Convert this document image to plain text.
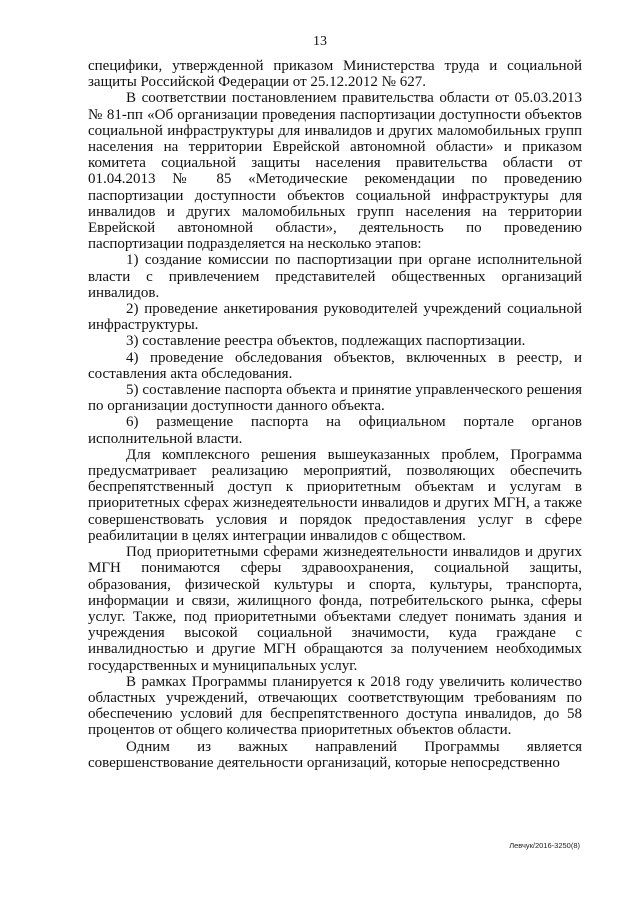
13

специфики, утвержденной приказом Министерства труда и социальной защиты Российской Федерации от 25.12.2012 № 627.

В соответствии постановлением правительства области от 05.03.2013 № 81-пп «Об организации проведения паспортизации доступности объектов социальной инфраструктуры для инвалидов и других маломобильных групп населения на территории Еврейской автономной области» и приказом комитета социальной защиты населения правительства области от 01.04.2013 № 85 «Методические рекомендации по проведению паспортизации доступности объектов социальной инфраструктуры для инвалидов и других маломобильных групп населения на территории Еврейской автономной области», деятельность по проведению паспортизации подразделяется на несколько этапов:

1) создание комиссии по паспортизации при органе исполнительной власти с привлечением представителей общественных организаций инвалидов.

2) проведение анкетирования руководителей учреждений социальной инфраструктуры.

3) составление реестра объектов, подлежащих паспортизации.

4) проведение обследования объектов, включенных в реестр, и составления акта обследования.

5) составление паспорта объекта и принятие управленческого решения по организации доступности данного объекта.

6) размещение паспорта на официальном портале органов исполнительной власти.

Для комплексного решения вышеуказанных проблем, Программа предусматривает реализацию мероприятий, позволяющих обеспечить беспрепятственный доступ к приоритетным объектам и услугам в приоритетных сферах жизнедеятельности инвалидов и других МГН, а также совершенствовать условия и порядок предоставления услуг в сфере реабилитации в целях интеграции инвалидов с обществом.

Под приоритетными сферами жизнедеятельности инвалидов и других МГН понимаются сферы здравоохранения, социальной защиты, образования, физической культуры и спорта, культуры, транспорта, информации и связи, жилищного фонда, потребительского рынка, сферы услуг. Также, под приоритетными объектами следует понимать здания и учреждения высокой социальной значимости, куда граждане с инвалидностью и другие МГН обращаются за получением необходимых государственных и муниципальных услуг.

В рамках Программы планируется к 2018 году увеличить количество областных учреждений, отвечающих соответствующим требованиям по обеспечению условий для беспрепятственного доступа инвалидов, до 58 процентов от общего количества приоритетных объектов области.

Одним из важных направлений Программы является совершенствование деятельности организаций, которые непосредственно

Левчук/2016-3250(8)
